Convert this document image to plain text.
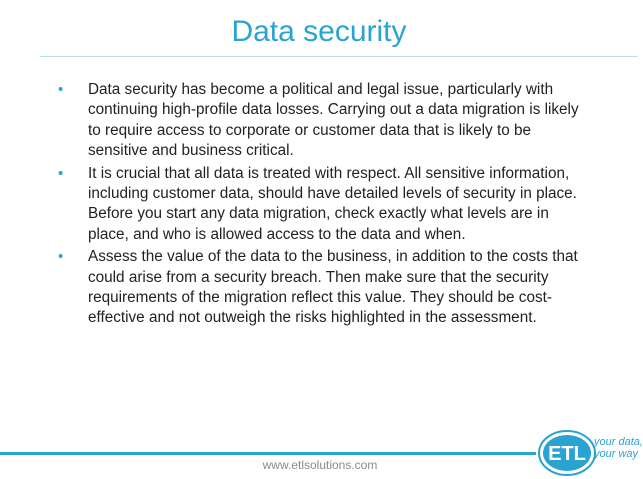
Data security
• Data security has become a political and legal issue, particularly with continuing high-profile data losses. Carrying out a data migration is likely to require access to corporate or customer data that is likely to be sensitive and business critical.
• It is crucial that all data is treated with respect. All sensitive information, including customer data, should have detailed levels of security in place. Before you start any data migration, check exactly what levels are in place, and who is allowed access to the data and when.
• Assess the value of the data to the business, in addition to the costs that could arise from a security breach. Then make sure that the security requirements of the migration reflect this value. They should be cost-effective and not outweigh the risks highlighted in the assessment.
www.etlsolutions.com	ETL
your data,
your way
